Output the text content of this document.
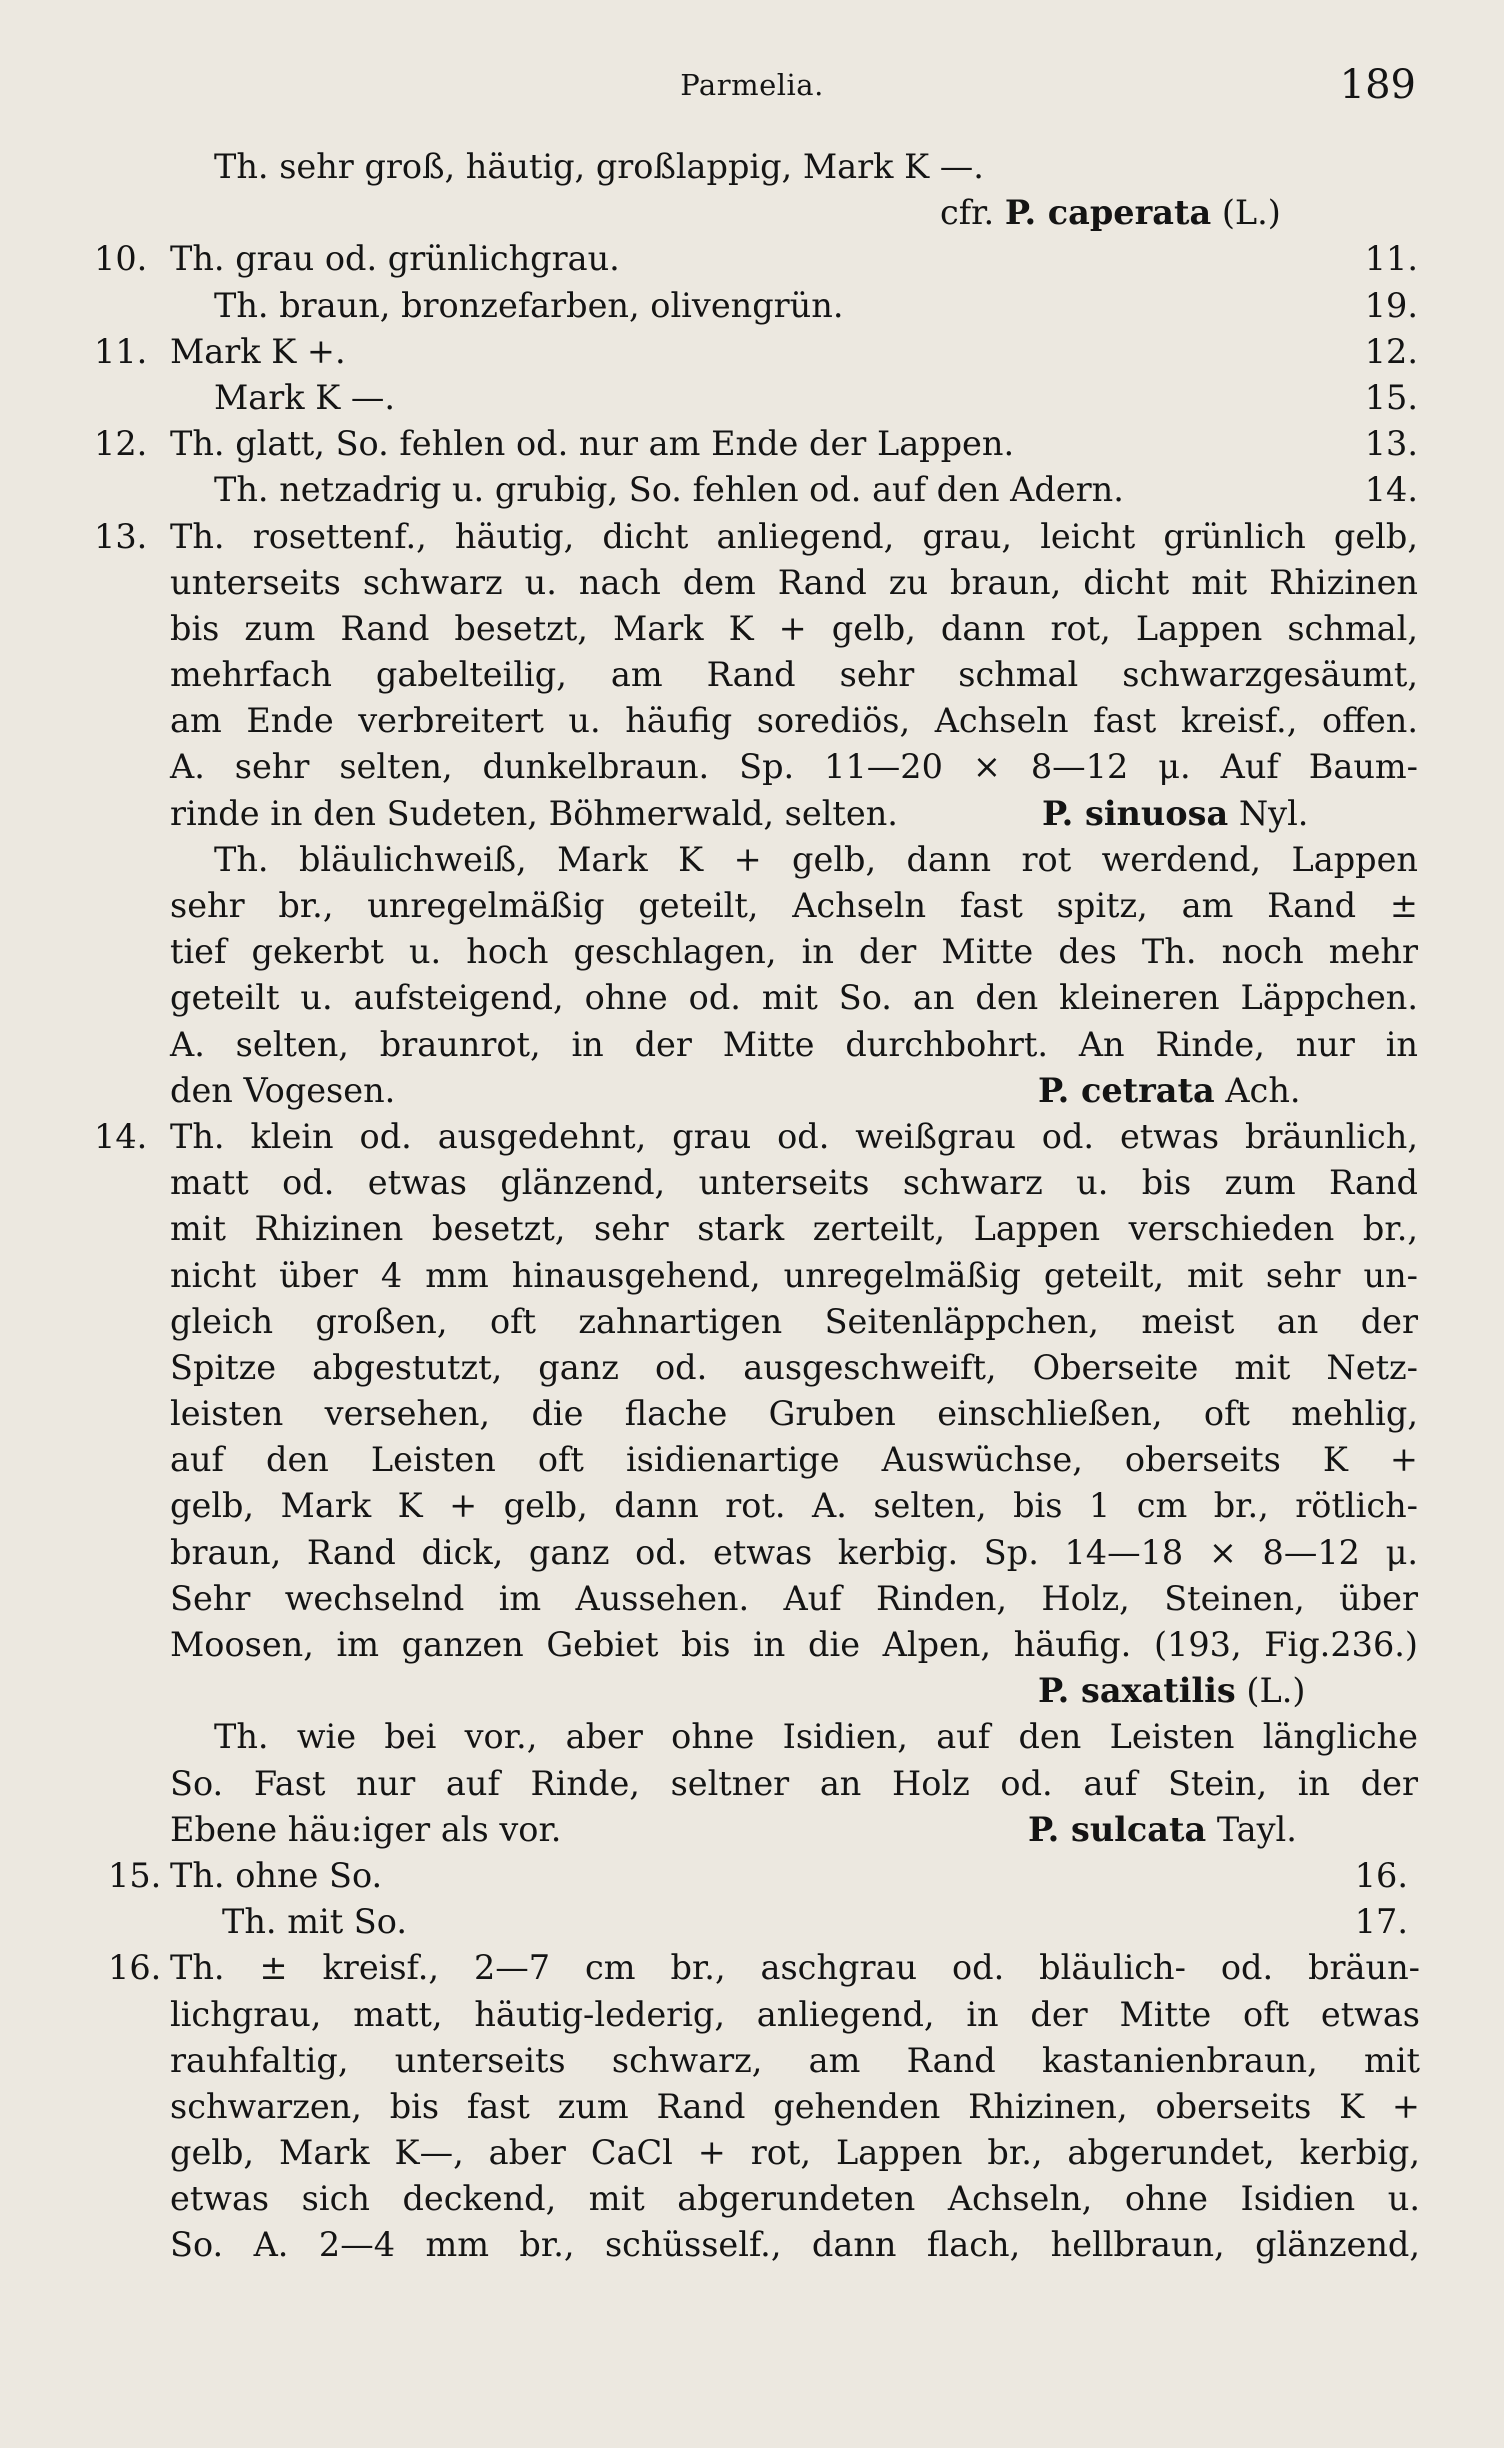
Parmelia.	189
Th. sehr groß, häutig, großlappig, Mark K —.
cfr. P. caperata (L.)
10. Th. grau od. grünlichgrau.	11.
Th. braun, bronzefarben, olivengrün.	19.
11. Mark K +.	12.
Mark K —.	15.
12. Th. glatt, So. fehlen od. nur am Ende der Lappen.	13.
Th. netzadrig u. grubig, So. fehlen od. auf den Adern.	14.
13. Th. rosettenf., häutig, dicht anliegend, grau, leicht grünlich gelb,
unterseits schwarz u. nach dem Rand zu braun, dicht mit Rhizinen
bis zum Rand besetzt, Mark K + gelb, dann rot, Lappen schmal,
mehrfach gabelteilig, am Rand sehr schmal schwarzgesäumt,
am Ende verbreitert u. häufig sorediös, Achseln fast kreisf., offen.
A. sehr selten, dunkelbraun. Sp. 11—20 × 8—12 μ. Auf Baum-
rinde in den Sudeten, Böhmerwald, selten.	P. sinuosa Nyl.
Th. bläulichweiß, Mark K + gelb, dann rot werdend, Lappen
sehr br., unregelmäßig geteilt, Achseln fast spitz, am Rand ±
tief gekerbt u. hoch geschlagen, in der Mitte des Th. noch mehr
geteilt u. aufsteigend, ohne od. mit So. an den kleineren Läppchen.
A. selten, braunrot, in der Mitte durchbohrt. An Rinde, nur in
den Vogesen.	P. cetrata Ach.
14. Th. klein od. ausgedehnt, grau od. weißgrau od. etwas bräunlich,
matt od. etwas glänzend, unterseits schwarz u. bis zum Rand
mit Rhizinen besetzt, sehr stark zerteilt, Lappen verschieden br.,
nicht über 4 mm hinausgehend, unregelmäßig geteilt, mit sehr un-
gleich großen, oft zahnartigen Seitenläppchen, meist an der
Spitze abgestutzt, ganz od. ausgeschweift, Oberseite mit Netz-
leisten versehen, die flache Gruben einschließen, oft mehlig,
auf den Leisten oft isidienartige Auswüchse, oberseits K +
gelb, Mark K + gelb, dann rot. A. selten, bis 1 cm br., rötlich-
braun, Rand dick, ganz od. etwas kerbig. Sp. 14—18 × 8—12 μ.
Sehr wechselnd im Aussehen. Auf Rinden, Holz, Steinen, über
Moosen, im ganzen Gebiet bis in die Alpen, häufig. (193, Fig.236.)
P. saxatilis (L.)
Th. wie bei vor., aber ohne Isidien, auf den Leisten längliche
So. Fast nur auf Rinde, seltner an Holz od. auf Stein, in der
Ebene häu:iger als vor.	P. sulcata Tayl.
15. Th. ohne So.	16.
Th. mit So.	17.
16. Th. ± kreisf., 2—7 cm br., aschgrau od. bläulich- od. bräun-
lichgrau, matt, häutig-lederig, anliegend, in der Mitte oft etwas
rauhfaltig, unterseits schwarz, am Rand kastanienbraun, mit
schwarzen, bis fast zum Rand gehenden Rhizinen, oberseits K +
gelb, Mark K—, aber CaCl + rot, Lappen br., abgerundet, kerbig,
etwas sich deckend, mit abgerundeten Achseln, ohne Isidien u.
So. A. 2—4 mm br., schüsself., dann flach, hellbraun, glänzend,
